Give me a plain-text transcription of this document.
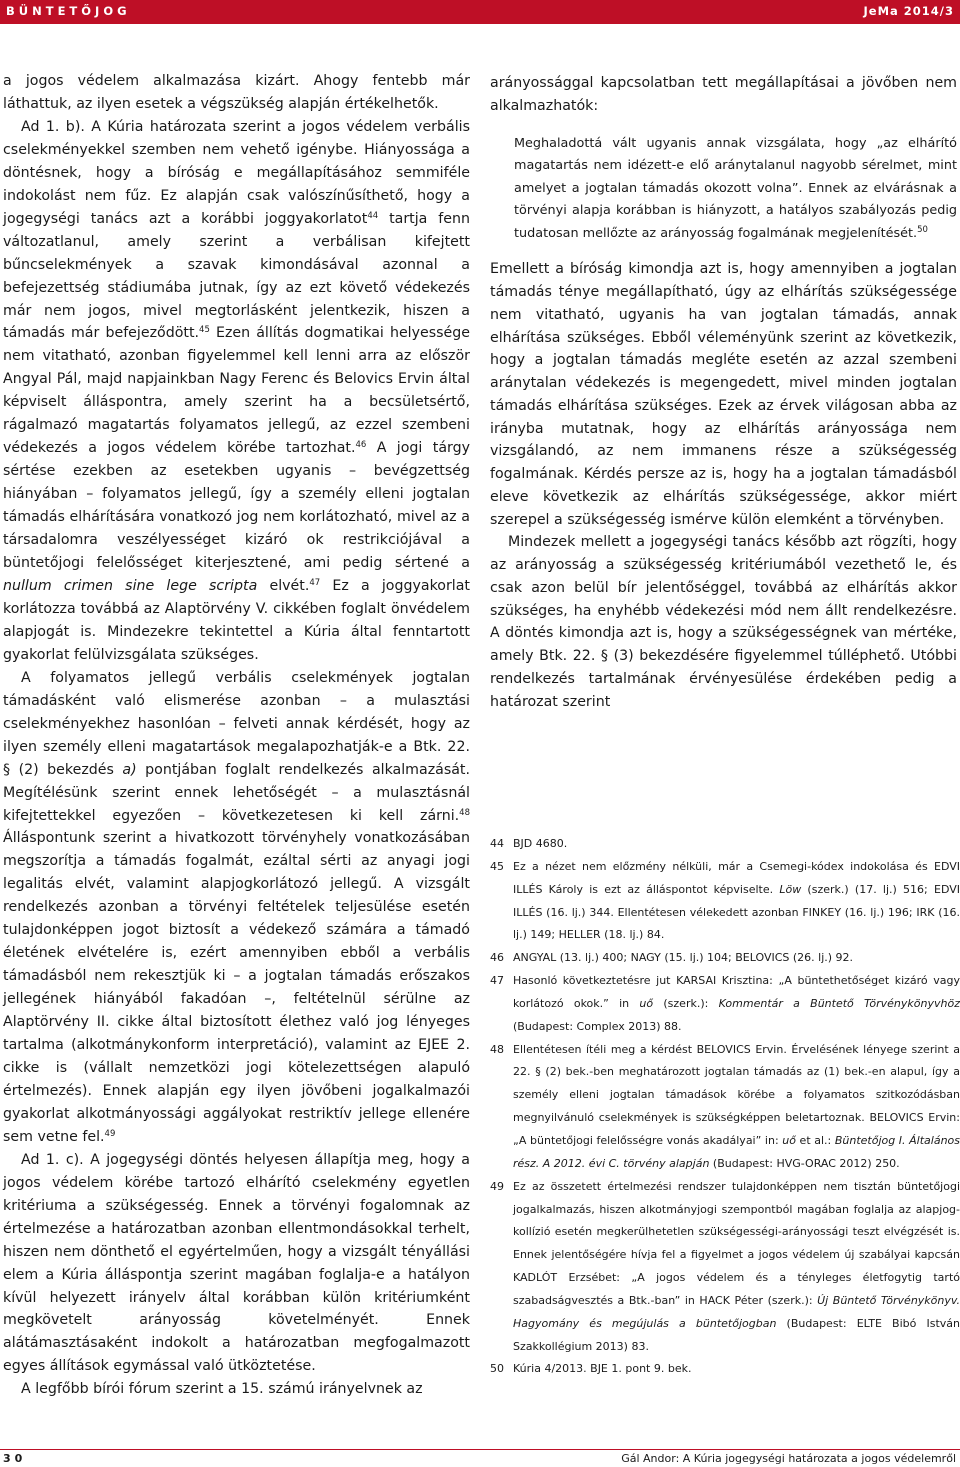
BÜNTETŐJOG	JeMa 2014/3

a jogos védelem alkalmazása kizárt. Ahogy fentebb már láthattuk, az ilyen esetek a végszükség alapján értékelhetők.

Ad 1. b). A Kúria határozata szerint a jogos védelem verbális cselekményekkel szemben nem vehető igénybe. Hiányossága a döntésnek, hogy a bíróság e megállapításához semmiféle indokolást nem fűz. Ez alapján csak valószínűsíthető, hogy a jogegységi tanács azt a korábbi joggyakorlatot$^{44}$ tartja fenn változatlanul, amely szerint a verbálisan kifejtett bűncselekmények a szavak kimondásával azonnal a befejezettség stádiumába jutnak, így az ezt követő védekezés már nem jogos, mivel megtorlásként jelentkezik, hiszen a támadás már befejeződött.$^{45}$ Ezen állítás dogmatikai helyessége nem vitatható, azonban figyelemmel kell lenni arra az először Angyal Pál, majd napjainkban Nagy Ferenc és Belovics Ervin által képviselt álláspontra, amely szerint ha a becsületsértő, rágalmazó magatartás folyamatos jellegű, az ezzel szembeni védekezés a jogos védelem körébe tartozhat.$^{46}$ A jogi tárgy sértése ezekben az esetekben ugyanis – bevégzettség hiányában – folyamatos jellegű, így a személy elleni jogtalan támadás elhárítására vonatkozó jog nem korlátozható, mivel az a társadalomra veszélyességet kizáró ok restrikciójával a büntetőjogi felelősséget kiterjesztené, ami pedig sértené a nullum crimen sine lege scripta elvét.$^{47}$ Ez a joggyakorlat korlátozza továbbá az Alaptörvény V. cikkében foglalt önvédelem alapjogát is. Mindezekre tekintettel a Kúria által fenntartott gyakorlat felülvizsgálata szükséges.

A folyamatos jellegű verbális cselekmények jogtalan támadásként való elismerése azonban – a mulasztási cselekményekhez hasonlóan – felveti annak kérdését, hogy az ilyen személy elleni magatartások megalapozhatják-e a Btk. 22. § (2) bekezdés a) pontjában foglalt rendelkezés alkalmazását. Megítélésünk szerint ennek lehetőségét – a mulasztásnál kifejtettekkel egyezően – következetesen ki kell zárni.$^{48}$ Álláspontunk szerint a hivatkozott törvényhely vonatkozásában megszorítja a támadás fogalmát, ezáltal sérti az anyagi jogi legalitás elvét, valamint alapjogkorlátozó jellegű. A vizsgált rendelkezés azonban a törvényi feltételek teljesülése esetén tulajdonképpen jogot biztosít a védekező számára a támadó életének elvételére is, ezért amennyiben ebből a verbális támadásból nem rekesztjük ki – a jogtalan támadás erőszakos jellegének hiányából fakadóan –, feltételnül sérülne az Alaptörvény II. cikke által biztosított élethez való jog lényeges tartalma (alkotmánykonform interpretáció), valamint az EJEE 2. cikke is (vállalt nemzetközi jogi kötelezettségen alapuló értelmezés). Ennek alapján egy ilyen jövőbeni jogalkalmazói gyakorlat alkotmányossági aggályokat restriktív jellege ellenére sem vetne fel.$^{49}$

Ad 1. c). A jogegységi döntés helyesen állapítja meg, hogy a jogos védelem körébe tartozó elhárító cselekmény egyetlen kritériuma a szükségesség. Ennek a törvényi fogalomnak az értelmezése a határozatban azonban ellentmondásokkal terhelt, hiszen nem dönthető el egyértelműen, hogy a vizsgált tényállási elem a Kúria álláspontja szerint magában foglalja-e a hatályon kívül helyezett irányelv által korábban külön kritériumként megkövetelt arányosság követelményét. Ennek alátámasztásaként indokolt a határozatban megfogalmazott egyes állítások egymással való ütköztetése.

A legfőbb bírói fórum szerint a 15. számú irányelvnek az

arányossággal kapcsolatban tett megállapításai a jövőben nem alkalmazhatók:

Meghaladottá vált ugyanis annak vizsgálata, hogy „az elhárító magatartás nem idézett-e elő aránytalanul nagyobb sérelmet, mint amelyet a jogtalan támadás okozott volna”. Ennek az elvárásnak a törvényi alapja korábban is hiányzott, a hatályos szabályozás pedig tudatosan mellőzte az arányosság fogalmának megjelenítését.$^{50}$

Emellett a bíróság kimondja azt is, hogy amennyiben a jogtalan támadás ténye megállapítható, úgy az elhárítás szükségessége nem vitatható, ugyanis ha van jogtalan támadás, annak elhárítása szükséges. Ebből véleményünk szerint az következik, hogy a jogtalan támadás megléte esetén az azzal szembeni aránytalan védekezés is megengedett, mivel minden jogtalan támadás elhárítása szükséges. Ezek az érvek világosan abba az irányba mutatnak, hogy az elhárítás arányossága nem vizsgálandó, az nem immanens része a szükségesség fogalmának. Kérdés persze az is, hogy ha a jogtalan támadásból eleve következik az elhárítás szükségessége, akkor miért szerepel a szükségesség ismérve külön elemként a törvényben.

Mindezek mellett a jogegységi tanács később azt rögzíti, hogy az arányosság a szükségesség kritériumából vezethető le, és csak azon belül bír jelentőséggel, továbbá az elhárítás akkor szükséges, ha enyhébb védekezési mód nem állt rendelkezésre. A döntés kimondja azt is, hogy a szükségességnek van mértéke, amely Btk. 22. § (3) bekezdésére figyelemmel túlléphető. Utóbbi rendelkezés tartalmának érvényesülése érdekében pedig a határozat szerint

44 BJD 4680.
45 Ez a nézet nem előzmény nélküli, már a Csemegi-kódex indokolása és EDVI ILLÉS Károly is ezt az álláspontot képviselte. Löw (szerk.) (17. lj.) 516; EDVI ILLÉS (16. lj.) 344. Ellentétesen vélekedett azonban FINKEY (16. lj.) 196; IRK (16. lj.) 149; HELLER (18. lj.) 84.
46 ANGYAL (13. lj.) 400; NAGY (15. lj.) 104; BELOVICS (26. lj.) 92.
47 Hasonló következtetésre jut KARSAI Krisztina: „A büntethetőséget kizáró vagy korlátozó okok.” in uő (szerk.): Kommentár a Büntető Törvénykönyvhöz (Budapest: Complex 2013) 88.
48 Ellentétesen ítéli meg a kérdést BELOVICS Ervin. Érvelésének lényege szerint a 22. § (2) bek.-ben meghatározott jogtalan támadás az (1) bek.-en alapul, így a személy elleni jogtalan támadások körébe a folyamatos szitkozódásban megnyilvánuló cselekmények is szükségképpen beletartoznak. BELOVICS Ervin: „A büntetőjogi felelősségre vonás akadályai” in: uő et al.: Büntetőjog I. Általános rész. A 2012. évi C. törvény alapján (Budapest: HVG-ORAC 2012) 250.
49 Ez az összetett értelmezési rendszer tulajdonképpen nem tisztán büntetőjogi jogalkalmazás, hiszen alkotmányjogi szempontból magában foglalja az alapjog-kollízió esetén megkerülhetetlen szükségességi-arányossági teszt elvégzését is. Ennek jelentőségére hívja fel a figyelmet a jogos védelem új szabályai kapcsán KADLÓT Erzsébet: „A jogos védelem és a tényleges életfogytig tartó szabadságvesztés a Btk.-ban” in HACK Péter (szerk.): Új Büntető Törvénykönyv. Hagyomány és megújulás a büntetőjogban (Budapest: ELTE Bibó István Szakkollégium 2013) 83.
50 Kúria 4/2013. BJE 1. pont 9. bek.
30	Gál Andor: A Kúria jogegységi határozata a jogos védelemről
